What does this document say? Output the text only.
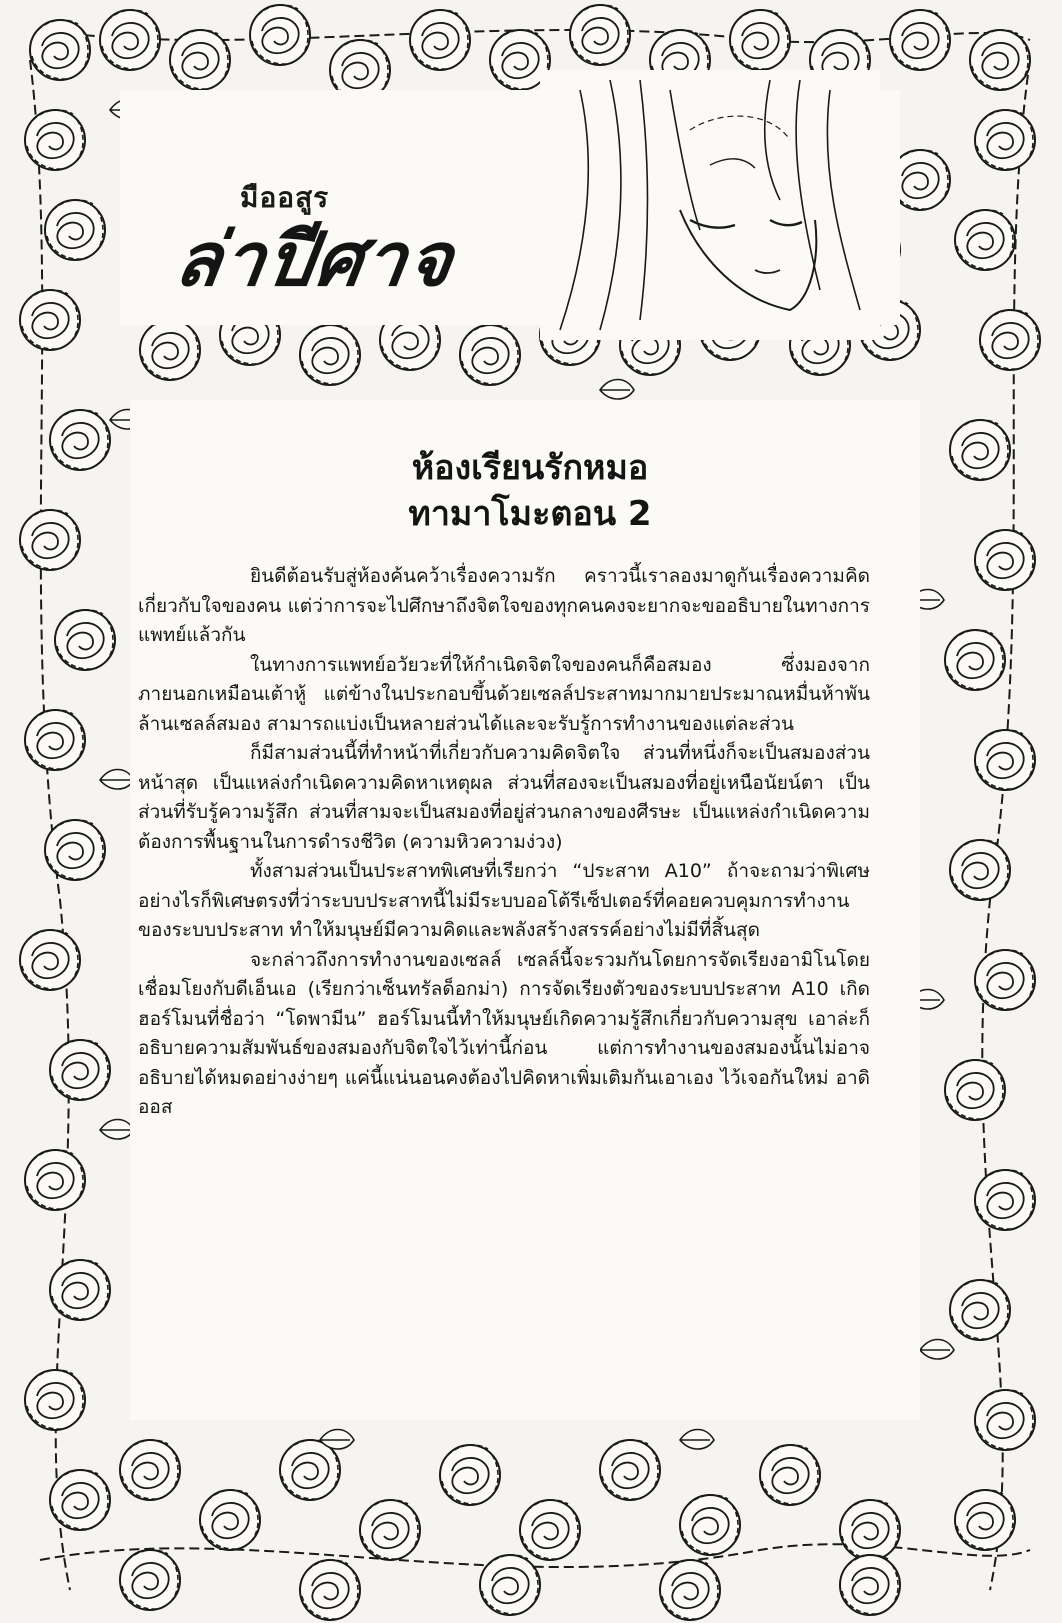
มืออสูร
ล่าปีศาจ
ห้องเรียนรักหมอ
ทามาโมะตอน 2

ยินดีต้อนรับสู่ห้องค้นคว้าเรื่องความรัก คราวนี้เราลองมาดูกันเรื่องความคิดเกี่ยวกับใจของคน แต่ว่าการจะไปศึกษาถึงจิตใจของทุกคนคงจะยากจะขออธิบายในทางการแพทย์แล้วกัน

ในทางการแพทย์อวัยวะที่ให้กำเนิดจิตใจของคนก็คือสมอง ซึ่งมองจากภายนอกเหมือนเต้าหู้ แต่ข้างในประกอบขึ้นด้วยเซลล์ประสาทมากมายประมาณหมื่นห้าพันล้านเซลล์สมอง สามารถแบ่งเป็นหลายส่วนได้และจะรับรู้การทำงานของแต่ละส่วน

ก็มีสามส่วนนี้ที่ทำหน้าที่เกี่ยวกับความคิดจิตใจ ส่วนที่หนึ่งก็จะเป็นสมองส่วนหน้าสุด เป็นแหล่งกำเนิดความคิดหาเหตุผล ส่วนที่สองจะเป็นสมองที่อยู่เหนือนัยน์ตา เป็นส่วนที่รับรู้ความรู้สึก ส่วนที่สามจะเป็นสมองที่อยู่ส่วนกลางของศีรษะ เป็นแหล่งกำเนิดความต้องการพื้นฐานในการดำรงชีวิต (ความหิวความง่วง)

ทั้งสามส่วนเป็นประสาทพิเศษที่เรียกว่า “ประสาท A10” ถ้าจะถามว่าพิเศษอย่างไรก็พิเศษตรงที่ว่าระบบประสาทนี้ไม่มีระบบออโต้รีเซ็ปเตอร์ที่คอยควบคุมการทำงานของระบบประสาท ทำให้มนุษย์มีความคิดและพลังสร้างสรรค์อย่างไม่มีที่สิ้นสุด

จะกล่าวถึงการทำงานของเซลล์ เซลล์นี้จะรวมกันโดยการจัดเรียงอามิโนโดยเชื่อมโยงกับดีเอ็นเอ (เรียกว่าเซ็นทรัลด็อกม่า) การจัดเรียงตัวของระบบประสาท A10 เกิดฮอร์โมนที่ชื่อว่า “โดพามีน” ฮอร์โมนนี้ทำให้มนุษย์เกิดความรู้สึกเกี่ยวกับความสุข เอาล่ะก็อธิบายความสัมพันธ์ของสมองกับจิตใจไว้เท่านี้ก่อน แต่การทำงานของสมองนั้นไม่อาจอธิบายได้หมดอย่างง่ายๆ แค่นี้แน่นอนคงต้องไปคิดหาเพิ่มเติมกันเอาเอง ไว้เจอกันใหม่ อาดิออส
